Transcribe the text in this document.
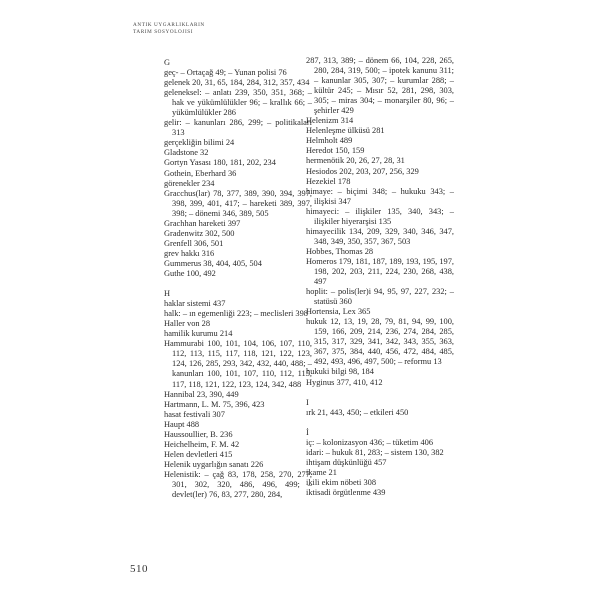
ANTIK UYGARLIKLARIN
TARIM SOSYOLOJISI

G

geç- – Ortaçağ 49; – Yunan polisi 76

gelenek 20, 31, 65, 184, 284, 312, 357, 434

geleneksel: – anlatı 239, 350, 351, 368; – hak ve yükümlülükler 96; – krallık 66; – yükümlülükler 286

gelir: – kanunları 286, 299; – politikaları 313

gerçekliğin bilimi 24

Gladstone 32

Gortyn Yasası 180, 181, 202, 234

Gothein, Eberhard 36

görenekler 234

Gracchus(lar) 78, 377, 389, 390, 394, 397, 398, 399, 401, 417; – hareketi 389, 397, 398; – dönemi 346, 389, 505

Grachhan hareketi 397

Gradenwitz 302, 500

Grenfell 306, 501

grev hakkı 316

Gummerus 38, 404, 405, 504

Guthe 100, 492

H

haklar sistemi 437

halk: – ın egemenliği 223; – meclisleri 398

Haller von 28

hamilik kurumu 214

Hammurabi 100, 101, 104, 106, 107, 110, 112, 113, 115, 117, 118, 121, 122, 123, 124, 126, 285, 293, 342, 432, 440, 488; – kanunları 100, 101, 107, 110, 112, 115, 117, 118, 121, 122, 123, 124, 342, 488

Hannibal 23, 390, 449

Hartmann, L. M. 75, 396, 423

hasat festivali 307

Haupt 488

Haussoullier, B. 236

Heichelheim, F. M. 42

Helen devletleri 415

Helenik uygarlığın sanatı 226

Helenistik: – çağ 83, 178, 258, 270, 277, 301, 302, 320, 486, 496, 499; – devlet(ler) 76, 83, 277, 280, 284,

287, 313, 389; – dönem 66, 104, 228, 265, 280, 284, 319, 500; – ipotek kanunu 311; – kanunlar 305, 307; – kurumlar 288; – kültür 245; – Mısır 52, 281, 298, 303, 305; – miras 304; – monarşiler 80, 96; – şehirler 429

Helenizm 314

Helenleşme ülküsü 281

Helmholt 489

Heredot 150, 159

hermenötik 20, 26, 27, 28, 31

Hesiodos 202, 203, 207, 256, 329

Hezekiel 178

himaye: – biçimi 348; – hukuku 343; – ilişkisi 347

himayeci: – ilişkiler 135, 340, 343; – ilişkiler hiyerarşisi 135

himayecilik 134, 209, 329, 340, 346, 347, 348, 349, 350, 357, 367, 503

Hobbes, Thomas 28

Homeros 179, 181, 187, 189, 193, 195, 197, 198, 202, 203, 211, 224, 230, 268, 438, 497

hoplit: – polis(ler)i 94, 95, 97, 227, 232; – statüsü 360

Hortensia, Lex 365

hukuk 12, 13, 19, 28, 79, 81, 94, 99, 100, 159, 166, 209, 214, 236, 274, 284, 285, 315, 317, 329, 341, 342, 343, 355, 363, 367, 375, 384, 440, 456, 472, 484, 485, 492, 493, 496, 497, 500; – reformu 13

hukuki bilgi 98, 184

Hyginus 377, 410, 412

I

ırk 21, 443, 450; – etkileri 450

İ

iç: – kolonizasyon 436; – tüketim 406

idari: – hukuk 81, 283; – sistem 130, 382

ihtişam düşkünlüğü 457

ikame 21

ikili ekim nöbeti 308

iktisadi örgütlenme 439

510
